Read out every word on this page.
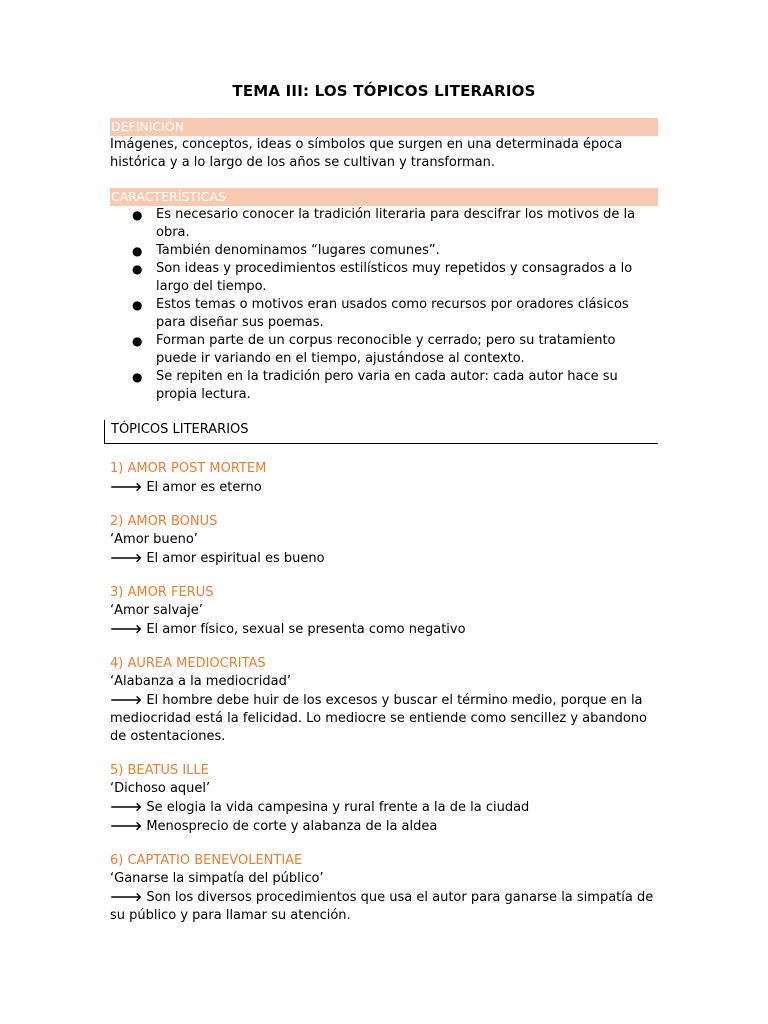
TEMA III: LOS TÓPICOS LITERARIOS
DEFINICIÓN

Imágenes, conceptos, ideas o símbolos que surgen en una determinada época histórica y a lo largo de los años se cultivan y transforman.

CARACTERÍSTICAS
● Es necesario conocer la tradición literaria para descifrar los motivos de la obra.
● También denominamos “lugares comunes”.
● Son ideas y procedimientos estilísticos muy repetidos y consagrados a lo largo del tiempo.
● Estos temas o motivos eran usados como recursos por oradores clásicos para diseñar sus poemas.
● Forman parte de un corpus reconocible y cerrado; pero su tratamiento puede ir variando en el tiempo, ajustándose al contexto.
● Se repiten en la tradición pero varia en cada autor: cada autor hace su propia lectura.
TÓPICOS LITERARIOS
1) AMOR POST MORTEM

🡒 El amor es eterno

2) AMOR BONUS

‘Amor bueno’

🡒 El amor espiritual es bueno

3) AMOR FERUS

‘Amor salvaje’

🡒 El amor físico, sexual se presenta como negativo

4) AUREA MEDIOCRITAS

‘Alabanza a la mediocridad’

🡒 El hombre debe huir de los excesos y buscar el término medio, porque en la mediocridad está la felicidad. Lo mediocre se entiende como sencillez y abandono de ostentaciones.

5) BEATUS ILLE

‘Dichoso aquel’

🡒 Se elogia la vida campesina y rural frente a la de la ciudad

🡒 Menosprecio de corte y alabanza de la aldea

6) CAPTATIO BENEVOLENTIAE

‘Ganarse la simpatía del público’

🡒 Son los diversos procedimientos que usa el autor para ganarse la simpatía de su público y para llamar su atención.
